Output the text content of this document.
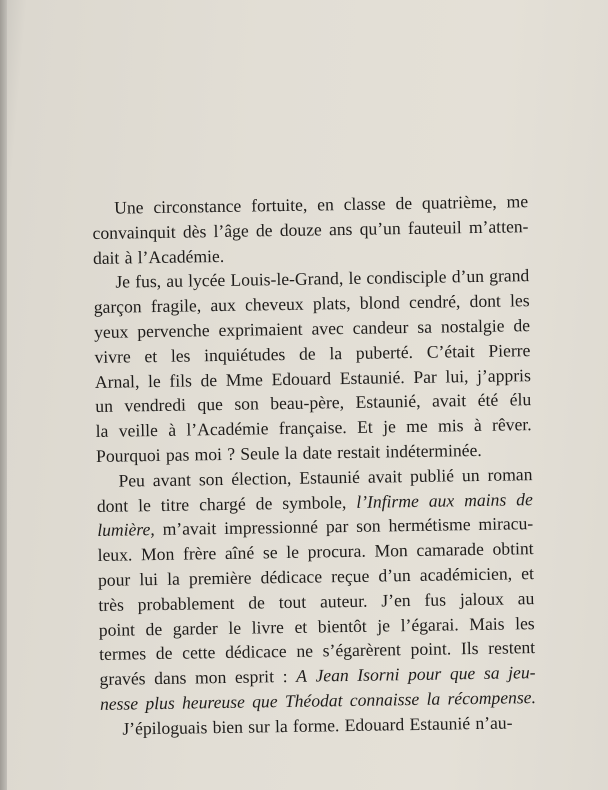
Une circonstance fortuite, en classe de quatrième, me
convainquit dès l’âge de douze ans qu’un fauteuil m’atten-
dait à l’Académie.
Je fus, au lycée Louis-le-Grand, le condisciple d’un grand
garçon fragile, aux cheveux plats, blond cendré, dont les
yeux pervenche exprimaient avec candeur sa nostalgie de
vivre et les inquiétudes de la puberté. C’était Pierre
Arnal, le fils de Mme Edouard Estaunié. Par lui, j’appris
un vendredi que son beau-père, Estaunié, avait été élu
la veille à l’Académie française. Et je me mis à rêver.
Pourquoi pas moi ? Seule la date restait indéterminée.
Peu avant son élection, Estaunié avait publié un roman
dont le titre chargé de symbole, l’Infirme aux mains de
lumière, m’avait impressionné par son hermétisme miracu-
leux. Mon frère aîné se le procura. Mon camarade obtint
pour lui la première dédicace reçue d’un académicien, et
très probablement de tout auteur. J’en fus jaloux au
point de garder le livre et bientôt je l’égarai. Mais les
termes de cette dédicace ne s’égarèrent point. Ils restent
gravés dans mon esprit : A Jean Isorni pour que sa jeu-
nesse plus heureuse que Théodat connaisse la récompense.
J’épiloguais bien sur la forme. Edouard Estaunié n’au-
